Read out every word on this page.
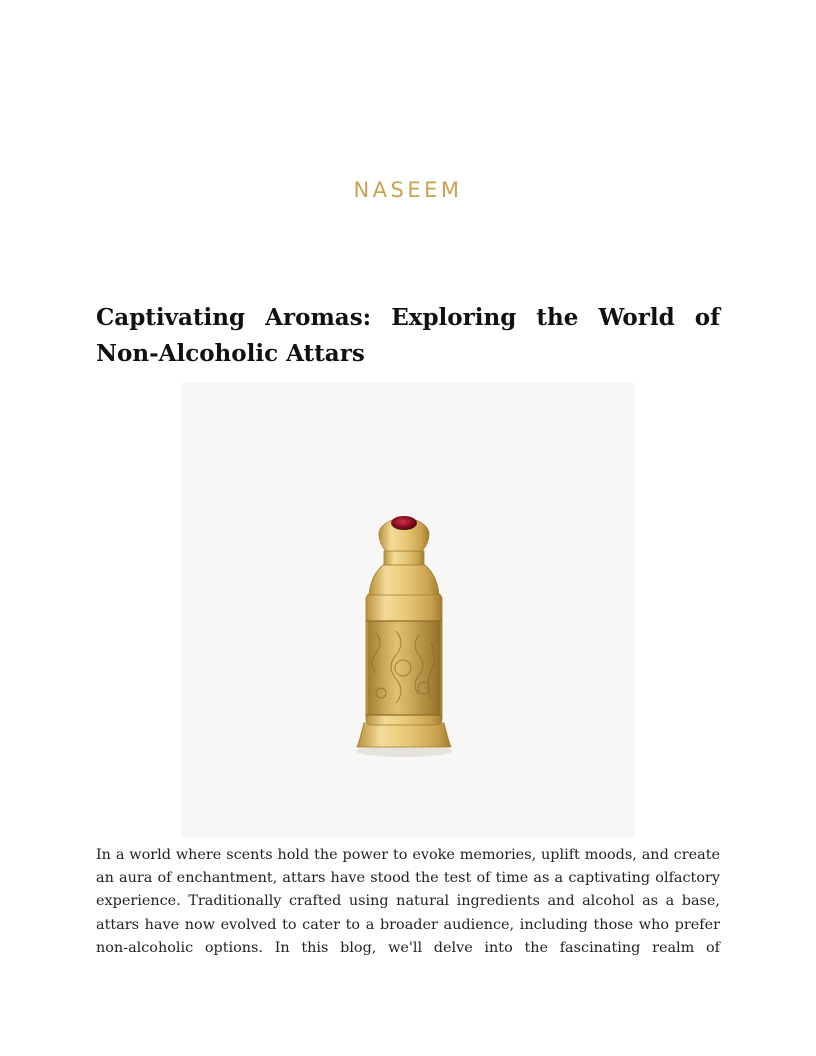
NASEEM
Captivating Aromas: Exploring the World of
Non-Alcoholic Attars

In a world where scents hold the power to evoke memories, uplift moods, and create an aura of enchantment, attars have stood the test of time as a captivating olfactory experience. Traditionally crafted using natural ingredients and alcohol as a base, attars have now evolved to cater to a broader audience, including those who prefer non-alcoholic options. In this blog, we'll delve into the fascinating realm of
